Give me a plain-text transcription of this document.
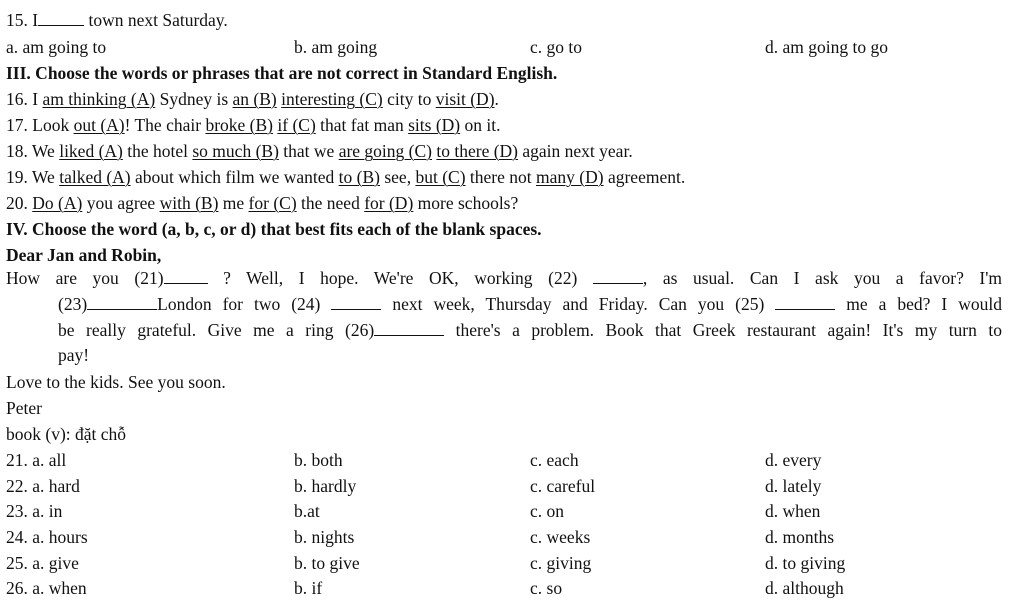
15. I	town next Saturday.
a. am going to	b. am going	c. go to	d. am going to go
III. Choose the words or phrases that are not correct in Standard English.
16. I am thinking (A) Sydney is an (B) interesting (C) city to visit (D).
17. Look out (A)! The chair broke (B) if (C) that fat man sits (D) on it.
18. We liked (A) the hotel so much (B) that we are going (C) to there (D) again next year.
19. We talked (A) about which film we wanted to (B) see, but (C) there not many (D) agreement.
20. Do (A) you agree with (B) me for (C) the need for (D) more schools?
IV. Choose the word (a, b, c, or d) that best fits each of the blank spaces.
Dear Jan and Robin,
How are you (21)	? Well, I hope. We're OK, working (22)	, as usual. Can I ask you a favor? I'm
(23)	London for two (24)	next week, Thursday and Friday. Can you (25)	me a bed? I would
be really grateful. Give me a ring (26)	there's a problem. Book that Greek restaurant again! It's my turn to
pay!
Love to the kids. See you soon.
Peter
book (v): đặt chỗ
21. a. all	b. both	c. each	d. every
22. a. hard	b. hardly	c. careful	d. lately
23. a. in	b.at	c. on	d. when
24. a. hours	b. nights	c. weeks	d. months
25. a. give	b. to give	c. giving	d. to giving
26. a. when	b. if	c. so	d. although
